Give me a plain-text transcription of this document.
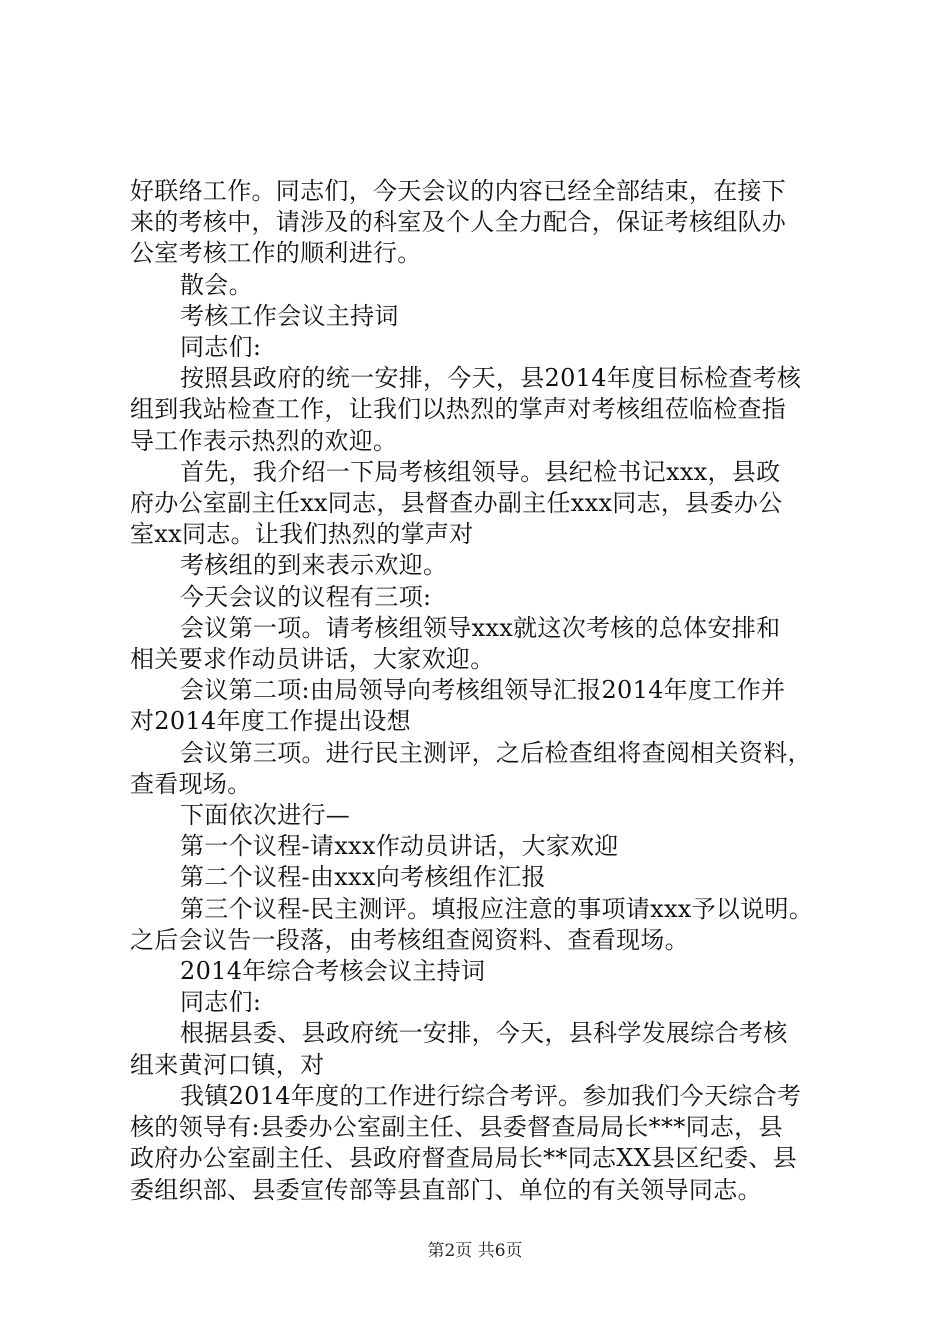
好联络工作。同志们，今天会议的内容已经全部结束，在接下
来的考核中，请涉及的科室及个人全力配合，保证考核组队办
公室考核工作的顺利进行。
散会。
考核工作会议主持词
同志们:
按照县政府的统一安排，今天，县2014年度目标检查考核
组到我站检查工作，让我们以热烈的掌声对考核组莅临检查指
导工作表示热烈的欢迎。
首先，我介绍一下局考核组领导。县纪检书记xxx，县政
府办公室副主任xx同志，县督查办副主任xxx同志，县委办公
室xx同志。让我们热烈的掌声对
考核组的到来表示欢迎。
今天会议的议程有三项:
会议第一项。请考核组领导xxx就这次考核的总体安排和
相关要求作动员讲话，大家欢迎。
会议第二项:由局领导向考核组领导汇报2014年度工作并
对2014年度工作提出设想
会议第三项。进行民主测评，之后检查组将查阅相关资料，
查看现场。
下面依次进行—
第一个议程-请xxx作动员讲话，大家欢迎
第二个议程-由xxx向考核组作汇报
第三个议程-民主测评。填报应注意的事项请xxx予以说明。
之后会议告一段落，由考核组查阅资料、查看现场。
2014年综合考核会议主持词
同志们:
根据县委、县政府统一安排，今天，县科学发展综合考核
组来黄河口镇，对
我镇2014年度的工作进行综合考评。参加我们今天综合考
核的领导有:县委办公室副主任、县委督查局局长***同志，县
政府办公室副主任、县政府督查局局长**同志XX县区纪委、县
委组织部、县委宣传部等县直部门、单位的有关领导同志。
第2页 共6页
